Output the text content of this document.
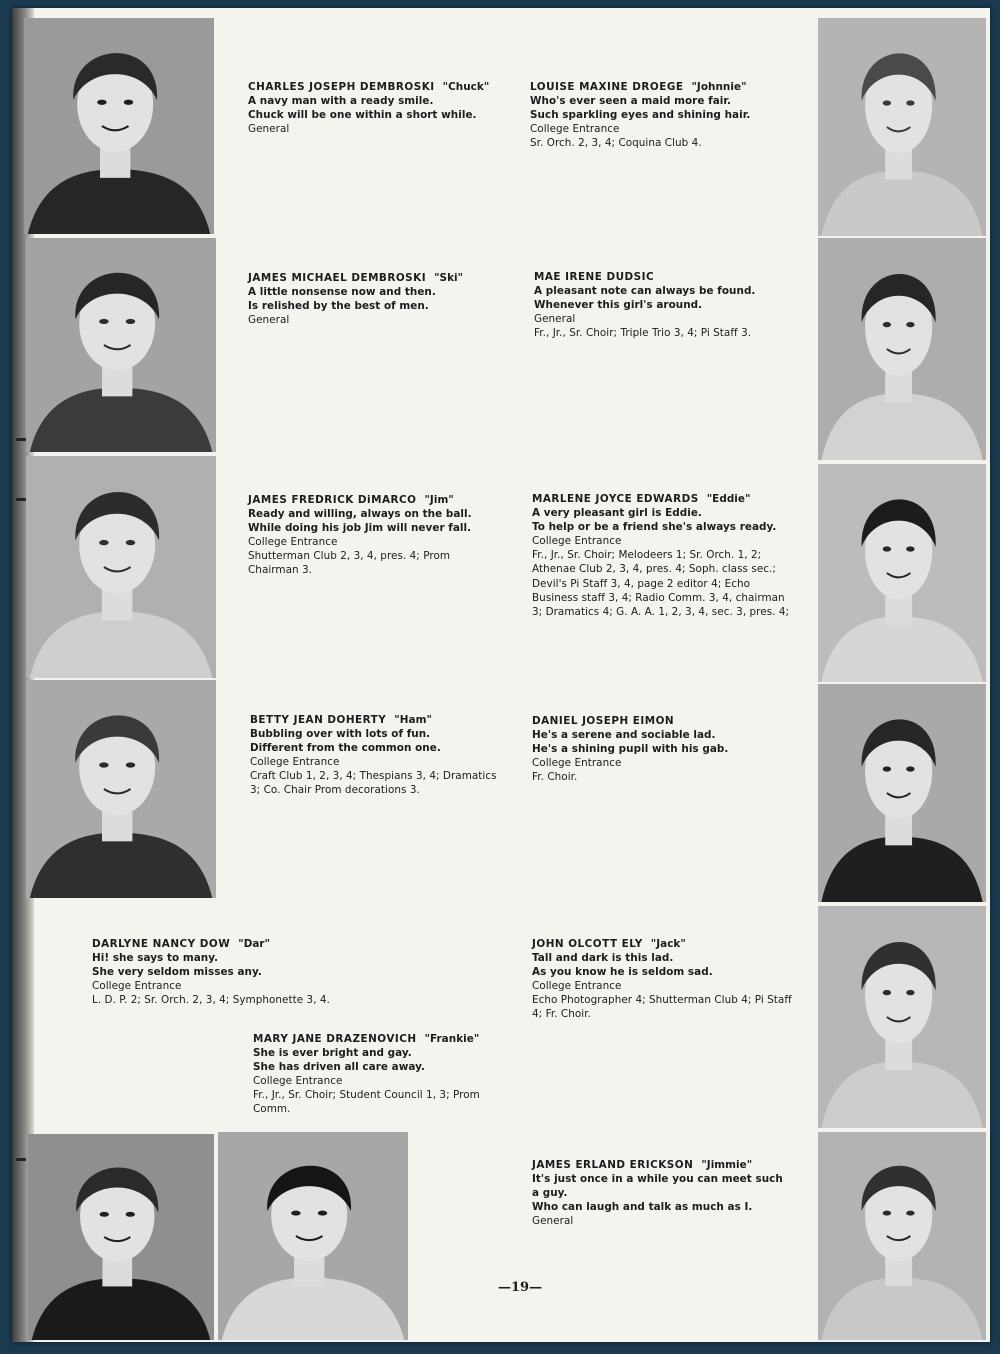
CHARLES JOSEPH DEMBROSKI "Chuck"
A navy man with a ready smile.
Chuck will be one within a short while.
General
JAMES MICHAEL DEMBROSKI "Ski"
A little nonsense now and then.
Is relished by the best of men.
General
JAMES FREDRICK DiMARCO "Jim"
Ready and willing, always on the ball.
While doing his job Jim will never fall.
College Entrance
Shutterman Club 2, 3, 4, pres. 4; Prom Chairman 3.
BETTY JEAN DOHERTY "Ham"
Bubbling over with lots of fun.
Different from the common one.
College Entrance
Craft Club 1, 2, 3, 4; Thespians 3, 4; Dramatics 3; Co. Chair Prom decorations 3.
DARLYNE NANCY DOW "Dar"
Hi! she says to many.
She very seldom misses any.
College Entrance
L. D. P. 2; Sr. Orch. 2, 3, 4; Symphonette 3, 4.
MARY JANE DRAZENOVICH "Frankie"
She is ever bright and gay.
She has driven all care away.
College Entrance
Fr., Jr., Sr. Choir; Student Council 1, 3; Prom Comm.
LOUISE MAXINE DROEGE "Johnnie"
Who's ever seen a maid more fair.
Such sparkling eyes and shining hair.
College Entrance
Sr. Orch. 2, 3, 4; Coquina Club 4.
MAE IRENE DUDSIC
A pleasant note can always be found.
Whenever this girl's around.
General
Fr., Jr., Sr. Choir; Triple Trio 3, 4; Pi Staff 3.
MARLENE JOYCE EDWARDS "Eddie"
A very pleasant girl is Eddie.
To help or be a friend she's always ready.
College Entrance
Fr., Jr., Sr. Choir; Melodeers 1; Sr. Orch. 1, 2; Athenae Club 2, 3, 4, pres. 4; Soph. class sec.; Devil's Pi Staff 3, 4, page 2 editor 4; Echo Business staff 3, 4; Radio Comm. 3, 4, chairman 3; Dramatics 4; G. A. A. 1, 2, 3, 4, sec. 3, pres. 4;
DANIEL JOSEPH EIMON
He's a serene and sociable lad.
He's a shining pupil with his gab.
College Entrance
Fr. Choir.
JOHN OLCOTT ELY "Jack"
Tall and dark is this lad.
As you know he is seldom sad.
College Entrance
Echo Photographer 4; Shutterman Club 4; Pi Staff 4; Fr. Choir.
JAMES ERLAND ERICKSON "Jimmie"
It's just once in a while you can meet such a guy.
Who can laugh and talk as much as I.
General
—19—
